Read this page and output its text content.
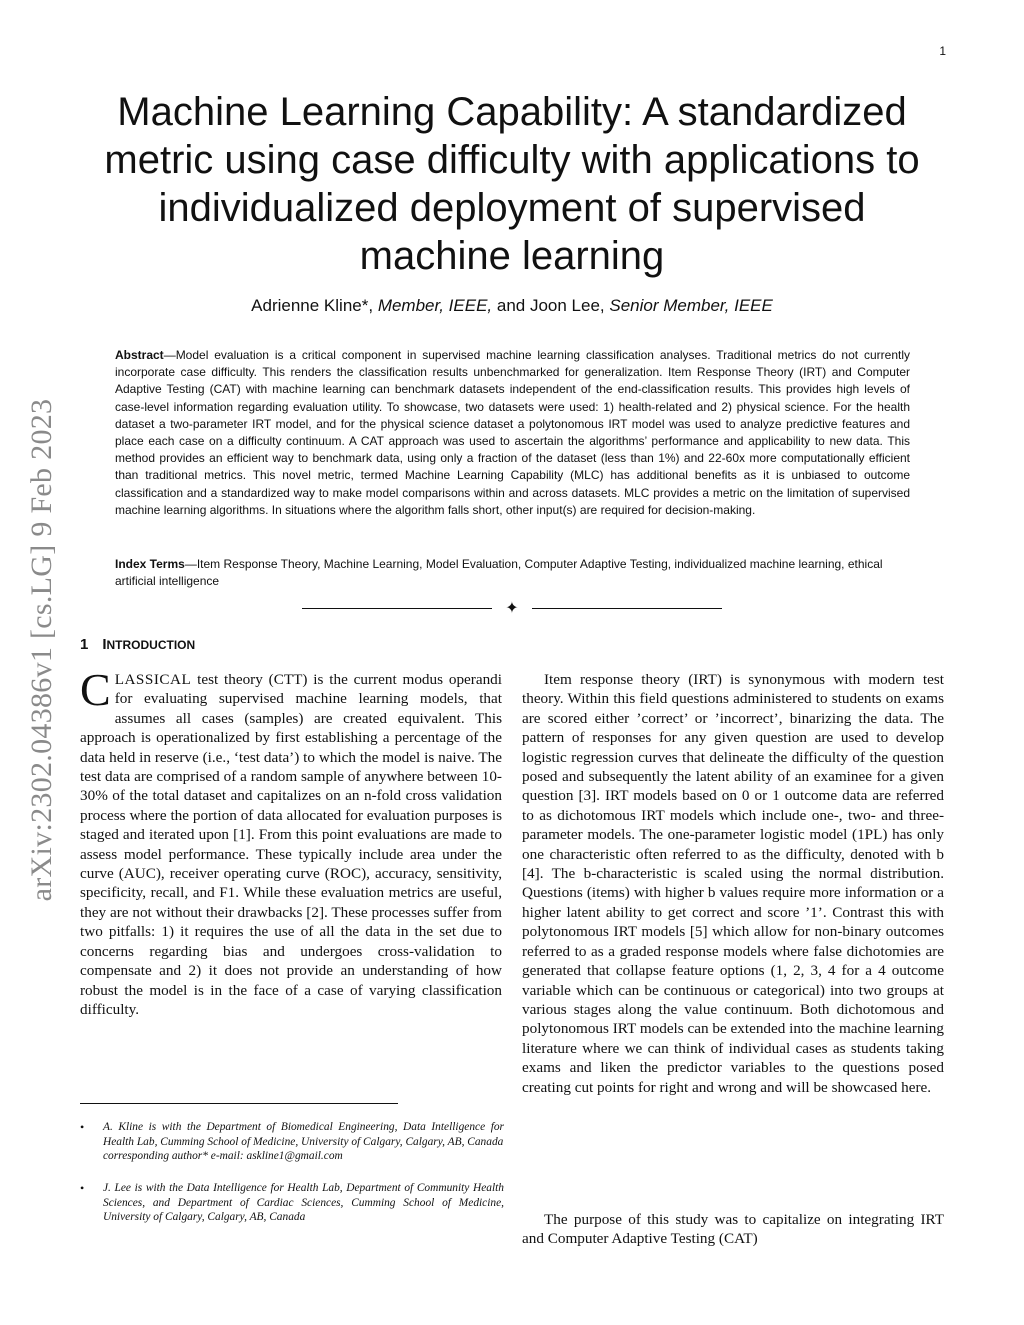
1
arXiv:2302.04386v1 [cs.LG] 9 Feb 2023
Machine Learning Capability: A standardized
metric using case difficulty with applications to
individualized deployment of supervised
machine learning
Adrienne Kline*, Member, IEEE, and Joon Lee, Senior Member, IEEE

Abstract—Model evaluation is a critical component in supervised machine learning classification analyses. Traditional metrics do not currently incorporate case difficulty. This renders the classification results unbenchmarked for generalization. Item Response Theory (IRT) and Computer Adaptive Testing (CAT) with machine learning can benchmark datasets independent of the end-classification results. This provides high levels of case-level information regarding evaluation utility. To showcase, two datasets were used: 1) health-related and 2) physical science. For the health dataset a two-parameter IRT model, and for the physical science dataset a polytonomous IRT model was used to analyze predictive features and place each case on a difficulty continuum. A CAT approach was used to ascertain the algorithms’ performance and applicability to new data. This method provides an efficient way to benchmark data, using only a fraction of the dataset (less than 1%) and 22-60x more computationally efficient than traditional metrics. This novel metric, termed Machine Learning Capability (MLC) has additional benefits as it is unbiased to outcome classification and a standardized way to make model comparisons within and across datasets. MLC provides a metric on the limitation of supervised machine learning algorithms. In situations where the algorithm falls short, other input(s) are required for decision-making.

Index Terms—Item Response Theory, Machine Learning, Model Evaluation, Computer Adaptive Testing, individualized machine learning, ethical artificial intelligence

✦
1 INTRODUCTION

CLASSICAL test theory (CTT) is the current modus operandi for evaluating supervised machine learning models, that assumes all cases (samples) are created equivalent. This approach is operationalized by first establishing a percentage of the data held in reserve (i.e., ‘test data’) to which the model is naive. The test data are comprised of a random sample of anywhere between 10-30% of the total dataset and capitalizes on an n-fold cross validation process where the portion of data allocated for evaluation purposes is staged and iterated upon [1]. From this point evaluations are made to assess model performance. These typically include area under the curve (AUC), receiver operating curve (ROC), accuracy, sensitivity, specificity, recall, and F1. While these evaluation metrics are useful, they are not without their drawbacks [2]. These processes suffer from two pitfalls: 1) it requires the use of all the data in the set due to concerns regarding bias and undergoes cross-validation to compensate and 2) it does not provide an understanding of how robust the model is in the face of a case of varying classification difficulty.

Item response theory (IRT) is synonymous with modern test theory. Within this field questions administered to students on exams are scored either ’correct’ or ’incorrect’, binarizing the data. The pattern of responses for any given question are used to develop logistic regression curves that delineate the difficulty of the question posed and subsequently the latent ability of an examinee for a given question [3]. IRT models based on 0 or 1 outcome data are referred to as dichotomous IRT models which include one-, two- and three-parameter models. The one-parameter logistic model (1PL) has only one characteristic often referred to as the difficulty, denoted with b [4]. The b-characteristic is scaled using the normal distribution. Questions (items) with higher b values require more information or a higher latent ability to get correct and score ’1’. Contrast this with polytonomous IRT models [5] which allow for non-binary outcomes referred to as a graded response models where false dichotomies are generated that collapse feature options (1, 2, 3, 4 for a 4 outcome variable which can be continuous or categorical) into two groups at various stages along the value continuum. Both dichotomous and polytonomous IRT models can be extended into the machine learning literature where we can think of individual cases as students taking exams and liken the predictor variables to the questions posed creating cut points for right and wrong and will be showcased here.

The purpose of this study was to capitalize on integrating IRT and Computer Adaptive Testing (CAT)

• A. Kline is with the Department of Biomedical Engineering, Data Intelligence for Health Lab, Cumming School of Medicine, University of Calgary, Calgary, AB, Canada
corresponding author* e-mail: askline1@gmail.com
• J. Lee is with the Data Intelligence for Health Lab, Department of Community Health Sciences, and Department of Cardiac Sciences, Cumming School of Medicine, University of Calgary, Calgary, AB, Canada
